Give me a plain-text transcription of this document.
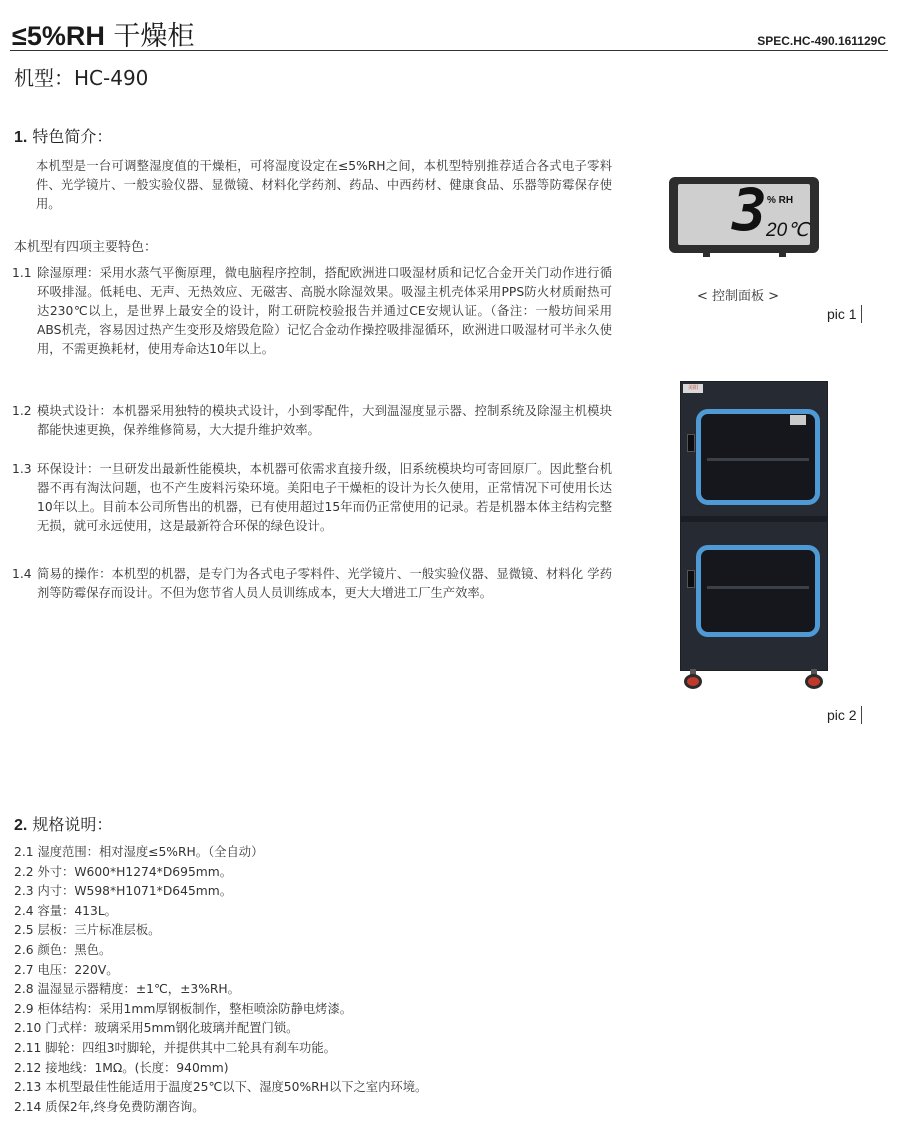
≤5%RH 干燥柜	SPEC.HC-490.161129C
机型：HC-490
1. 特色简介：
本机型是一台可调整湿度值的干燥柜，可将湿度设定在≤5%RH之间，本机型特别推荐适合各式电子零料件、光学镜片、一般实验仪器、显微镜、材料化学药剂、药品、中西药材、健康食品、乐器等防霉保存使用。
本机型有四项主要特色：
1.1 除湿原理：采用水蒸气平衡原理，微电脑程序控制，搭配欧洲进口吸湿材质和记忆合金开关门动作进行循环吸排湿。低耗电、无声、无热效应、无磁害、高脱水除湿效果。吸湿主机壳体采用PPS防火材质耐热可达230℃以上，是世界上最安全的设计，附工研院校验报告并通过CE安规认证。（备注：一般坊间采用ABS机壳，容易因过热产生变形及熔毁危险）记忆合金动作操控吸排湿循环，欧洲进口吸湿材可半永久使用，不需更换耗材，使用寿命达10年以上。
1.2 模块式设计：本机器采用独特的模块式设计，小到零配件，大到温湿度显示器、控制系统及除湿主机模块都能快速更换，保养维修简易，大大提升维护效率。
1.3 环保设计：一旦研发出最新性能模块，本机器可依需求直接升级，旧系统模块均可寄回原厂。因此整台机器不再有淘汰问题，也不产生废料污染环境。美阳电子干燥柜的设计为长久使用，正常情况下可使用长达10年以上。目前本公司所售出的机器，已有使用超过15年而仍正常使用的记录。若是机器本体主结构完整无损，就可永远使用，这是最新符合环保的绿色设计。
1.4 简易的操作：本机型的机器，是专门为各式电子零料件、光学镜片、一般实验仪器、显微镜、材料化 学药剂等防霉保存而设计。不但为您节省人员人员训练成本，更大大增进工厂生产效率。
3 % RH
20℃
< 控制面板 >
pic 1
美阳
pic 2
2. 规格说明：
2.1 湿度范围：相对湿度≤5%RH。（全自动）
2.2 外寸：W600*H1274*D695mm。
2.3 内寸：W598*H1071*D645mm。
2.4 容量：413L。
2.5 层板：三片标准层板。
2.6 颜色：黑色。
2.7 电压：220V。
2.8 温湿显示器精度：±1℃，±3%RH。
2.9 柜体结构：采用1mm厚钢板制作，整柜喷涂防静电烤漆。
2.10 门式样：玻璃采用5mm钢化玻璃并配置门锁。
2.11 脚轮：四组3吋脚轮，并提供其中二轮具有刹车功能。
2.12 接地线：1MΩ。(长度：940mm)
2.13 本机型最佳性能适用于温度25℃以下、湿度50%RH以下之室内环境。
2.14 质保2年,终身免费防潮咨询。
